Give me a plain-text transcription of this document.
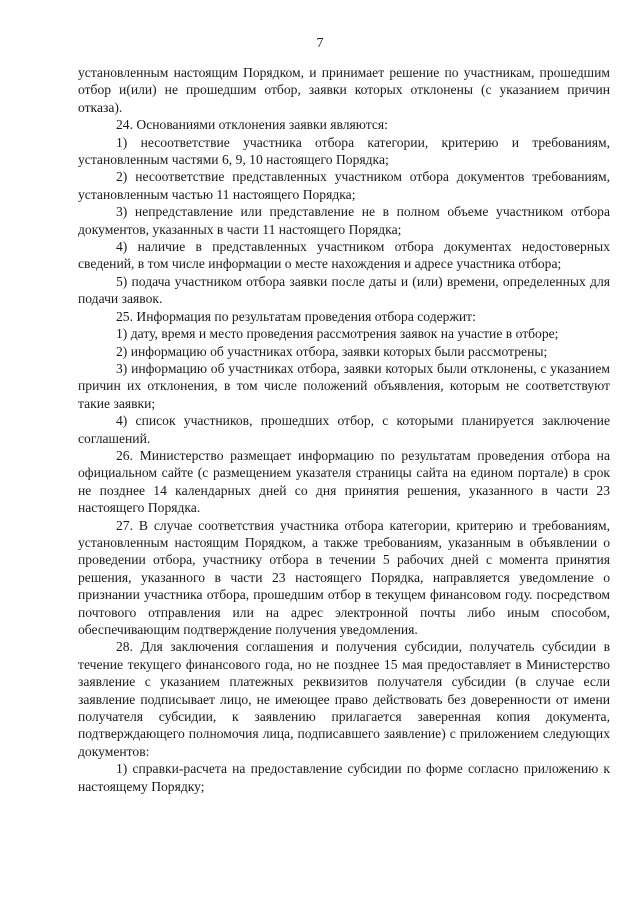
7

установленным настоящим Порядком, и принимает решение по участникам, прошедшим отбор и(или) не прошедшим отбор, заявки которых отклонены (с указанием причин отказа).

24. Основаниями отклонения заявки являются:

1) несоответствие участника отбора категории, критерию и требованиям, установленным частями 6, 9, 10 настоящего Порядка;

2) несоответствие представленных участником отбора документов требованиям, установленным частью 11 настоящего Порядка;

3) непредставление или представление не в полном объеме участником отбора документов, указанных в части 11 настоящего Порядка;

4) наличие в представленных участником отбора документах недостоверных сведений, в том числе информации о месте нахождения и адресе участника отбора;

5) подача участником отбора заявки после даты и (или) времени, определенных для подачи заявок.

25. Информация по результатам проведения отбора содержит:

1) дату, время и место проведения рассмотрения заявок на участие в отборе;

2) информацию об участниках отбора, заявки которых были рассмотрены;

3) информацию об участниках отбора, заявки которых были отклонены, с указанием причин их отклонения, в том числе положений объявления, которым не соответствуют такие заявки;

4) список участников, прошедших отбор, с которыми планируется заключение соглашений.

26. Министерство размещает информацию по результатам проведения отбора на официальном сайте (с размещением указателя страницы сайта на едином портале) в срок не позднее 14 календарных дней со дня принятия решения, указанного в части 23 настоящего Порядка.

27. В случае соответствия участника отбора категории, критерию и требованиям, установленным настоящим Порядком, а также требованиям, указанным в объявлении о проведении отбора, участнику отбора в течении 5 рабочих дней с момента принятия решения, указанного в части 23 настоящего Порядка, направляется уведомление о признании участника отбора, прошедшим отбор в текущем финансовом году. посредством почтового отправления или на адрес электронной почты либо иным способом, обеспечивающим подтверждение получения уведомления.

28. Для заключения соглашения и получения субсидии, получатель субсидии в течение текущего финансового года, но не позднее 15 мая предоставляет в Министерство заявление с указанием платежных реквизитов получателя субсидии (в случае если заявление подписывает лицо, не имеющее право действовать без доверенности от имени получателя субсидии, к заявлению прилагается заверенная копия документа, подтверждающего полномочия лица, подписавшего заявление) с приложением следующих документов:

1) справки-расчета на предоставление субсидии по форме согласно приложению к настоящему Порядку;
